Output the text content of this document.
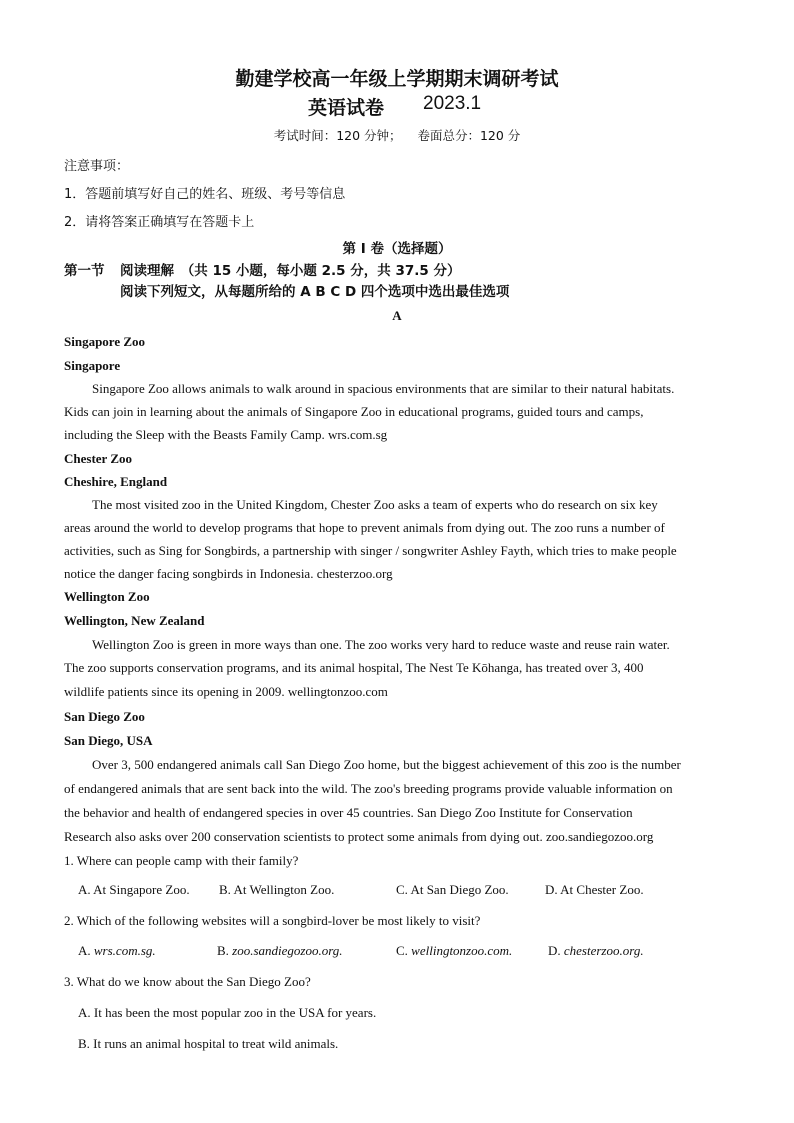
勤建学校高一年级上学期期末调研考试
英语试卷 2023.1
考试时间：120 分钟；    卷面总分：120 分
注意事项：
1．答题前填写好自己的姓名、班级、考号等信息
2．请将答案正确填写在答题卡上
第 I 卷（选择题）
第一节 阅读理解　（共 15 小题，每小题 2.5 分，共 37.5 分）
阅读下列短文，从每题所给的 A B C D 四个选项中选出最佳选项
A
Singapore Zoo
Singapore
Singapore Zoo allows animals to walk around in spacious environments that are similar to their natural habitats.
Kids can join in learning about the animals of Singapore Zoo in educational programs, guided tours and camps,
including the Sleep with the Beasts Family Camp. wrs.com.sg
Chester Zoo
Cheshire, England
The most visited zoo in the United Kingdom, Chester Zoo asks a team of experts who do research on six key
areas around the world to develop programs that hope to prevent animals from dying out. The zoo runs a number of
activities, such as Sing for Songbirds, a partnership with singer / songwriter Ashley Fayth, which tries to make people
notice the danger facing songbirds in Indonesia. chesterzoo.org
Wellington Zoo
Wellington, New Zealand
Wellington Zoo is green in more ways than one. The zoo works very hard to reduce waste and reuse rain water.
The zoo supports conservation programs, and its animal hospital, The Nest Te Kōhanga, has treated over 3, 400
wildlife patients since its opening in 2009. wellingtonzoo.com
San Diego Zoo
San Diego, USA
Over 3, 500 endangered animals call San Diego Zoo home, but the biggest achievement of this zoo is the number
of endangered animals that are sent back into the wild. The zoo's breeding programs provide valuable information on
the behavior and health of endangered species in over 45 countries. San Diego Zoo Institute for Conservation
Research also asks over 200 conservation scientists to protect some animals from dying out. zoo.sandiegozoo.org
1. Where can people camp with their family?
A. At Singapore Zoo. B. At Wellington Zoo.	C. At San Diego Zoo.	D. At Chester Zoo.
2. Which of the following websites will a songbird-lover be most likely to visit?
A. wrs.com.sg.	B. zoo.sandiegozoo.org.	C. wellingtonzoo.com.	D. chesterzoo.org.
3. What do we know about the San Diego Zoo?
A. It has been the most popular zoo in the USA for years.
B. It runs an animal hospital to treat wild animals.
